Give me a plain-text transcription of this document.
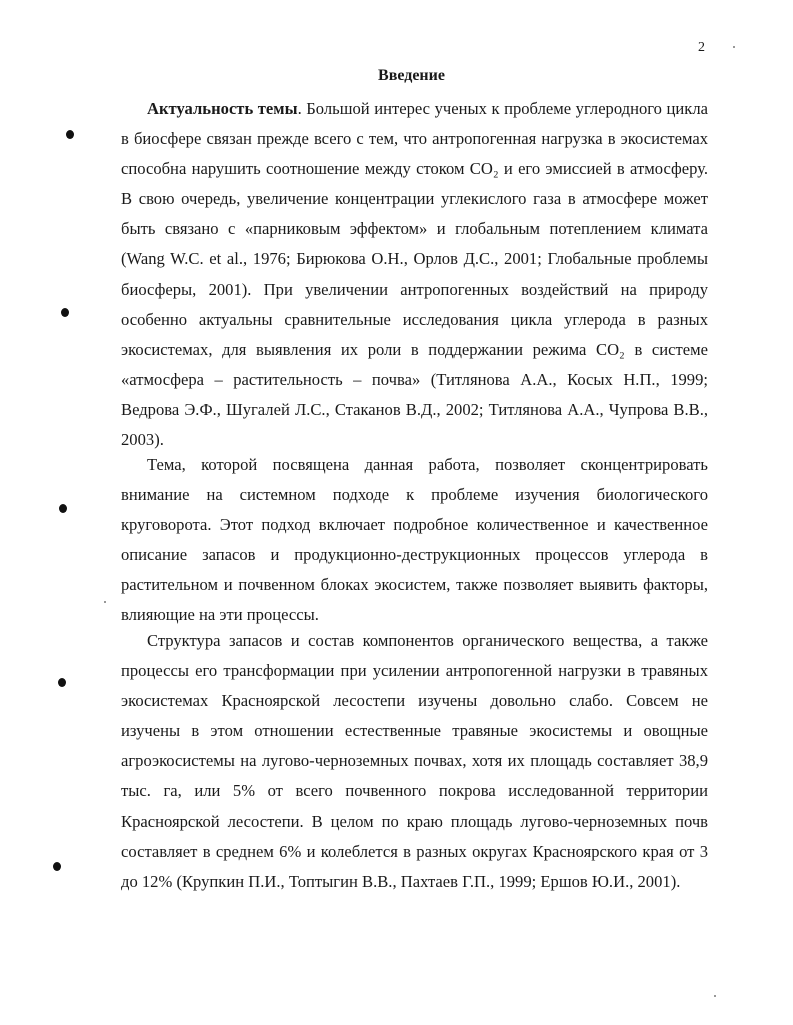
2
Введение

Актуальность темы. Большой интерес ученых к проблеме углеродного цикла в биосфере связан прежде всего с тем, что антропогенная нагрузка в экосистемах способна нарушить соотношение между стоком CO₂ и его эмиссией в атмосферу. В свою очередь, увеличение концентрации углекислого газа в атмосфере может быть связано с «парниковым эффектом» и глобальным потеплением климата (Wang W.C. et al., 1976; Бирюкова О.Н., Орлов Д.С., 2001; Глобальные проблемы биосферы, 2001). При увеличении антропогенных воздействий на природу особенно актуальны сравнительные исследования цикла углерода в разных экосистемах, для выявления их роли в поддержании режима CO₂ в системе «атмосфера – растительность – почва» (Титлянова А.А., Косых Н.П., 1999; Ведрова Э.Ф., Шугалей Л.С., Стаканов В.Д., 2002; Титлянова А.А., Чупрова В.В., 2003).

Тема, которой посвящена данная работа, позволяет сконцентрировать внимание на системном подходе к проблеме изучения биологического круговорота. Этот подход включает подробное количественное и качественное описание запасов и продукционно-деструкционных процессов углерода в растительном и почвенном блоках экосистем, также позволяет выявить факторы, влияющие на эти процессы.

Структура запасов и состав компонентов органического вещества, а также процессы его трансформации при усилении антропогенной нагрузки в травяных экосистемах Красноярской лесостепи изучены довольно слабо. Совсем не изучены в этом отношении естественные травяные экосистемы и овощные агроэкосистемы на лугово-черноземных почвах, хотя их площадь составляет 38,9 тыс. га, или 5% от всего почвенного покрова исследованной территории Красноярской лесостепи. В целом по краю площадь лугово-черноземных почв составляет в среднем 6% и колеблется в разных округах Красноярского края от 3 до 12% (Крупкин П.И., Топтыгин В.В., Пахтаев Г.П., 1999; Ершов Ю.И., 2001).
